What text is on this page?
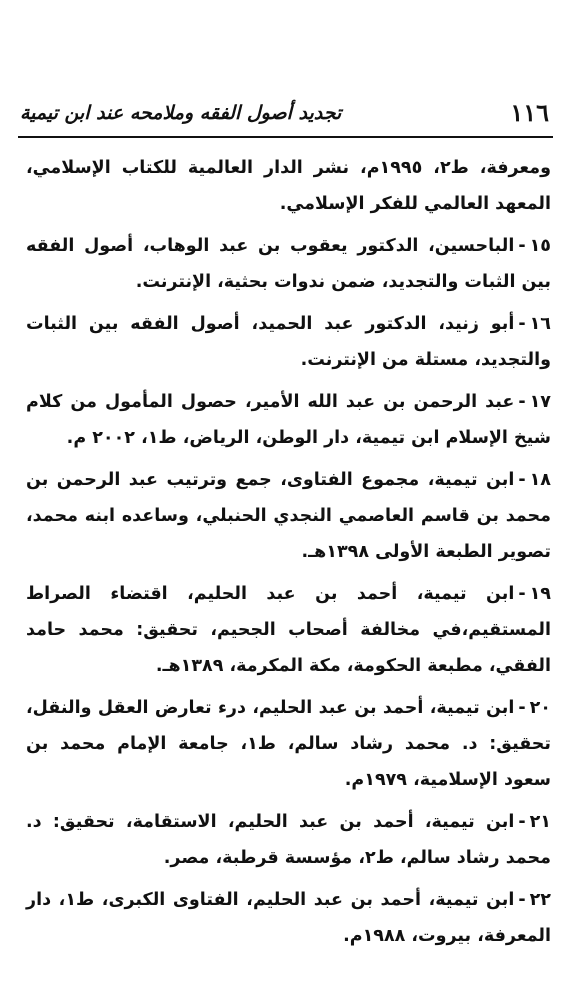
١١٦
تجديد أصول الفقه وملامحه عند ابن تيمية

ومعرفة، ط٢، ١٩٩٥م، نشر الدار العالمية للكتاب الإسلامي، المعهد العالمي للفكر الإسلامي.

١٥-الباحسين، الدكتور يعقوب بن عبد الوهاب، أصول الفقه بين الثبات والتجديد، ضمن ندوات بحثية، الإنترنت.

١٦-أبو زنيد، الدكتور عبد الحميد، أصول الفقه بين الثبات والتجديد، مستلة من الإنترنت.

١٧-عبد الرحمن بن عبد الله الأمير، حصول المأمول من كلام شيخ الإسلام ابن تيمية، دار الوطن، الرياض، ط١، ٢٠٠٢ م.

١٨-ابن تيمية، مجموع الفتاوى، جمع وترتيب عبد الرحمن بن محمد بن قاسم العاصمي النجدي الحنبلي، وساعده ابنه محمد، تصوير الطبعة الأولى ١٣٩٨هـ.

١٩-ابن تيمية، أحمد بن عبد الحليم، اقتضاء الصراط المستقيم،في مخالفة أصحاب الجحيم، تحقيق: محمد حامد الفقي، مطبعة الحكومة، مكة المكرمة، ١٣٨٩هـ.

٢٠-ابن تيمية، أحمد بن عبد الحليم، درء تعارض العقل والنقل، تحقيق: د. محمد رشاد سالم، ط١، جامعة الإمام محمد بن سعود الإسلامية، ١٩٧٩م.

٢١-ابن تيمية، أحمد بن عبد الحليم، الاستقامة، تحقيق: د. محمد رشاد سالم، ط٢، مؤسسة قرطبة، مصر.

٢٢-ابن تيمية، أحمد بن عبد الحليم، الفتاوى الكبرى، ط١، دار المعرفة، بيروت، ١٩٨٨م.
